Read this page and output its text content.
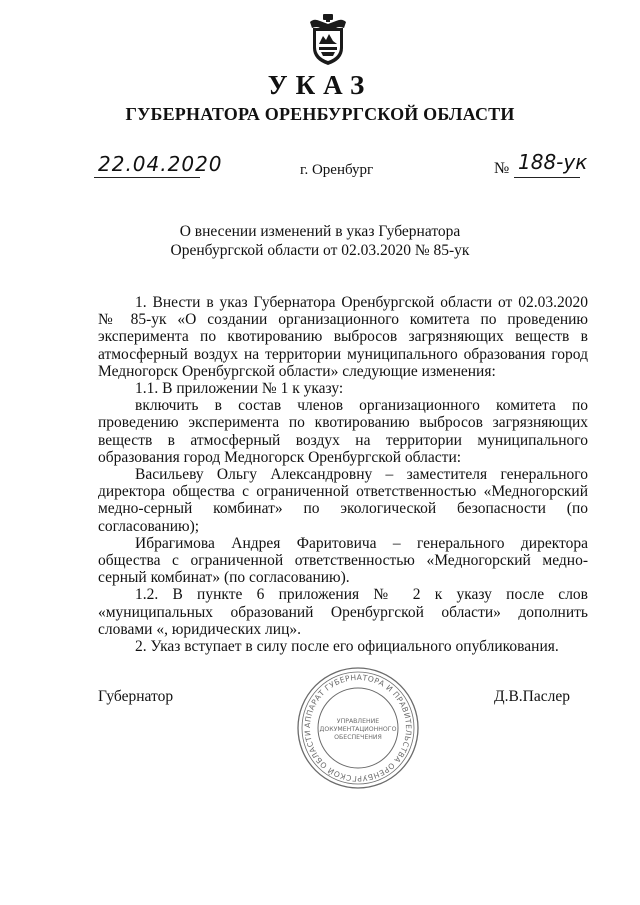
УКАЗ
ГУБЕРНАТОРА ОРЕНБУРГСКОЙ ОБЛАСТИ
22.04.2020	г. Оренбург	№ 188-ук
О внесении изменений в указ Губернатора
Оренбургской области от 02.03.2020 № 85-ук

1. Внести в указ Губернатора Оренбургской области от 02.03.2020 № 85-ук «О создании организационного комитета по проведению эксперимента по квотированию выбросов загрязняющих веществ в атмосферный воздух на территории муниципального образования город Медногорск Оренбургской области» следующие изменения:

1.1. В приложении № 1 к указу:

включить в состав членов организационного комитета по проведению эксперимента по квотированию выбросов загрязняющих веществ в атмосферный воздух на территории муниципального образования город Медногорск Оренбургской области:

Васильеву Ольгу Александровну – заместителя генерального директора общества с ограниченной ответственностью «Медногорский медно-серный комбинат» по экологической безопасности (по согласованию);

Ибрагимова Андрея Фаритовича – генерального директора общества с ограниченной ответственностью «Медногорский медно-серный комбинат» (по согласованию).

1.2. В пункте 6 приложения № 2 к указу после слов «муниципальных образований Оренбургской области» дополнить словами «, юридических лиц».

2. Указ вступает в силу после его официального опубликования.

Губернатор	Д.В.Паслер
АППАРАТ ГУБЕРНАТОРА И ПРАВИТЕЛЬСТВА ОРЕНБУРГСКОЙ ОБЛАСТИ
УПРАВЛЕНИЕ
ДОКУМЕНТАЦИОННОГО
ОБЕСПЕЧЕНИЯ
